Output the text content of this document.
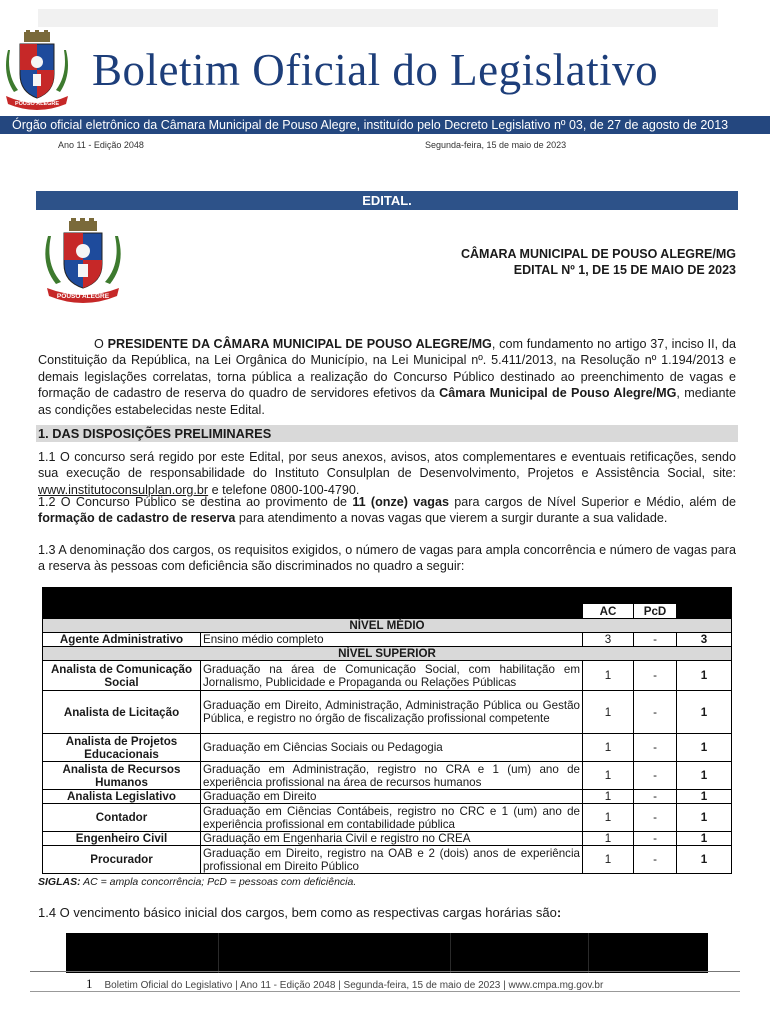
POUSO ALEGRE
Boletim Oficial do Legislativo
Órgão oficial eletrônico da Câmara Municipal de Pouso Alegre, instituído pelo Decreto Legislativo nº 03, de 27 de agosto de 2013
Ano 11 - Edição 2048	Segunda-feira, 15 de maio de 2023
EDITAL.
POUSO ALEGRE
CÂMARA MUNICIPAL DE POUSO ALEGRE/MG
EDITAL Nº 1, DE 15 DE MAIO DE 2023
O PRESIDENTE DA CÂMARA MUNICIPAL DE POUSO ALEGRE/MG, com fundamento no artigo 37, inciso II, da Constituição da República, na Lei Orgânica do Município, na Lei Municipal nº. 5.411/2013, na Resolução nº 1.194/2013 e demais legislações correlatas, torna pública a realização do Concurso Público destinado ao preenchimento de vagas e formação de cadastro de reserva do quadro de servidores efetivos da Câmara Municipal de Pouso Alegre/MG, mediante as condições estabelecidas neste Edital.
1. DAS DISPOSIÇÕES PRELIMINARES
1.1 O concurso será regido por este Edital, por seus anexos, avisos, atos complementares e eventuais retificações, sendo sua execução de responsabilidade do Instituto Consulplan de Desenvolvimento, Projetos e Assistência Social, site: www.institutoconsulplan.org.br e telefone 0800-100-4790.
1.2 O Concurso Público se destina ao provimento de 11 (onze) vagas para cargos de Nível Superior e Médio, além de formação de cadastro de reserva para atendimento a novas vagas que vierem a surgir durante a sua validade.
1.3 A denominação dos cargos, os requisitos exigidos, o número de vagas para ampla concorrência e número de vagas para a reserva às pessoas com deficiência são discriminados no quadro a seguir:

		AC	PcD	
NÍVEL MÉDIO				
Agente Administrativo	Ensino médio completo	3	-	3
NÍVEL SUPERIOR				
Analista de Comunicação Social	Graduação na área de Comunicação Social, com habilitação em Jornalismo, Publicidade e Propaganda ou Relações Públicas	1	-	1
Analista de Licitação	Graduação em Direito, Administração, Administração Pública ou Gestão Pública, e registro no órgão de fiscalização profissional competente	1	-	1
Analista de Projetos Educacionais	Graduação em Ciências Sociais ou Pedagogia	1	-	1
Analista de Recursos Humanos	Graduação em Administração, registro no CRA e 1 (um) ano de experiência profissional na área de recursos humanos	1	-	1
Analista Legislativo	Graduação em Direito	1	-	1
Contador	Graduação em Ciências Contábeis, registro no CRC e 1 (um) ano de experiência profissional em contabilidade pública	1	-	1
Engenheiro Civil	Graduação em Engenharia Civil e registro no CREA	1	-	1
Procurador	Graduação em Direito, registro na OAB e 2 (dois) anos de experiência profissional em Direito Público	1	-	1
SIGLAS: AC = ampla concorrência; PcD = pessoas com deficiência.
1.4 O vencimento básico inicial dos cargos, bem como as respectivas cargas horárias são:
1 Boletim Oficial do Legislativo | Ano 11 - Edição 2048 | Segunda-feira, 15 de maio de 2023 | www.cmpa.mg.gov.br
